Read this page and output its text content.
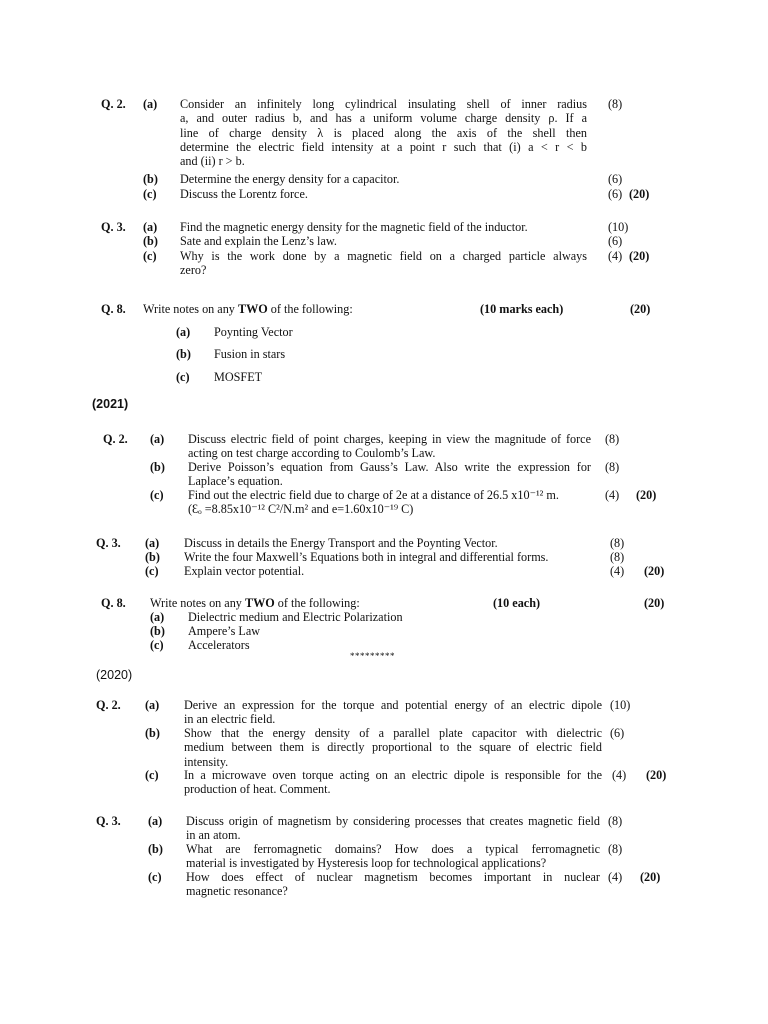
Q. 2. (a) Consider an infinitely long cylindrical insulating shell of inner radius
a, and outer radius b, and has a uniform volume charge density ρ. If a
line of charge density λ is placed along the axis of the shell then
determine the electric field intensity at a point r such that (i) a < r < b
and (ii) r > b.
(8)
(b) Determine the energy density for a capacitor.	(6)
(c) Discuss the Lorentz force.	(6) (20)
Q. 3. (a) Find the magnetic energy density for the magnetic field of the inductor.	(10)
(b) Sate and explain the Lenz’s law.	(6)
(c) Why is the work done by a magnetic field on a charged particle always
zero?
(4) (20)
Q. 8. Write notes on any TWO of the following:	(10 marks each)	(20)
(a) Poynting Vector
(b) Fusion in stars
(c) MOSFET
(2021)
Q. 2. (a) Discuss electric field of point charges, keeping in view the magnitude of force
acting on test charge according to Coulomb’s Law.
(8)
(b) Derive Poisson’s equation from Gauss’s Law. Also write the expression for
Laplace’s equation.
(8)
(c) Find out the electric field due to charge of 2e at a distance of 26.5 x10⁻¹² m.
(Ɛₒ =8.85x10⁻¹² C²/N.m² and e=1.60x10⁻¹⁹ C)
(4) (20)
Q. 3. (a) Discuss in details the Energy Transport and the Poynting Vector.	(8)
(b) Write the four Maxwell’s Equations both in integral and differential forms.	(8)
(c) Explain vector potential.	(4) (20)
Q. 8. Write notes on any TWO of the following:	(10 each)	(20)
(a) Dielectric medium and Electric Polarization
(b) Ampere’s Law
(c) Accelerators
*********
(2020)
Q. 2. (a) Derive an expression for the torque and potential energy of an electric dipole
in an electric field.
(10)
(b) Show that the energy density of a parallel plate capacitor with dielectric
medium between them is directly proportional to the square of electric field
intensity.
(6)
(c) In a microwave oven torque acting on an electric dipole is responsible for the
production of heat. Comment.
(4) (20)
Q. 3. (a) Discuss origin of magnetism by considering processes that creates magnetic field
in an atom.
(8)
(b) What are ferromagnetic domains? How does a typical ferromagnetic
material is investigated by Hysteresis loop for technological applications?
(8)
(c) How does effect of nuclear magnetism becomes important in nuclear
magnetic resonance?
(4) (20)
